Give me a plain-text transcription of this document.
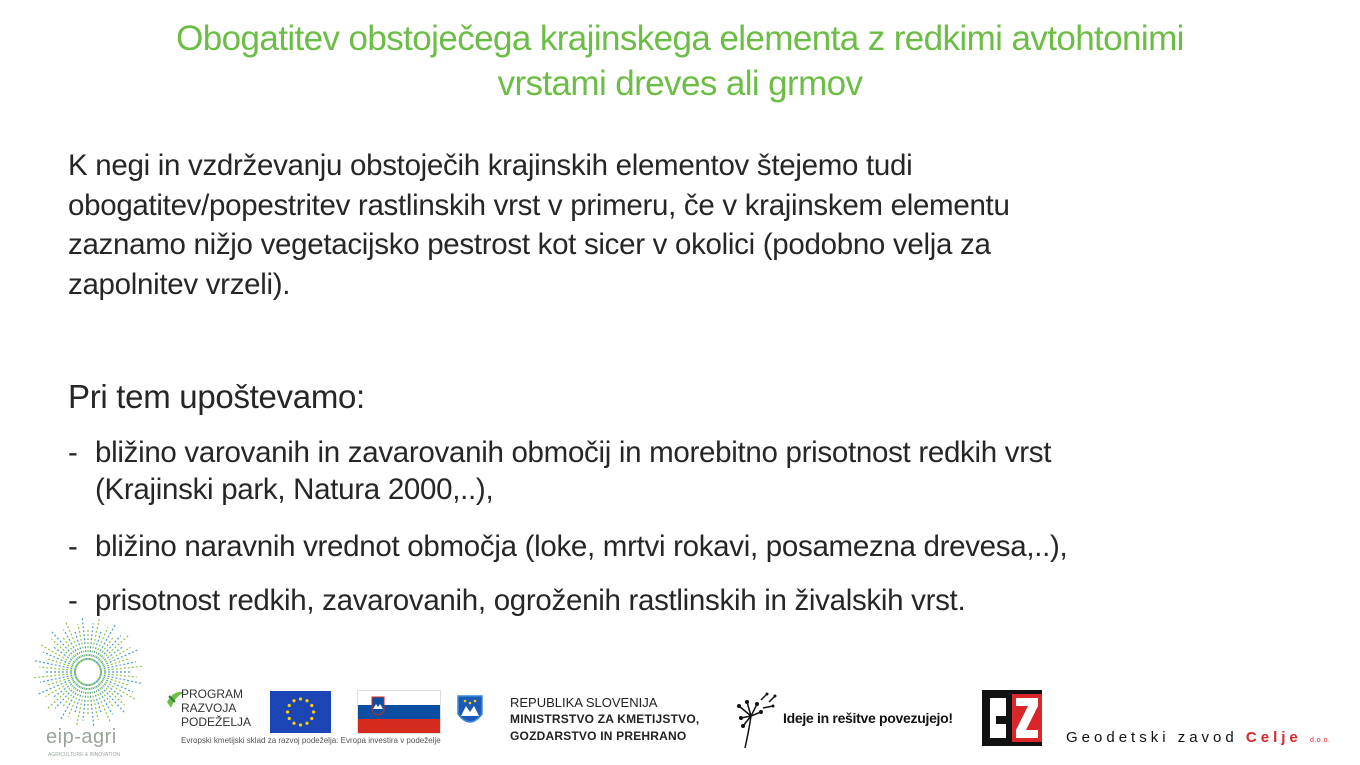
Obogatitev obstoječega krajinskega elementa z redkimi avtohtonimi
vrstami dreves ali grmov
K negi in vzdrževanju obstoječih krajinskih elementov štejemo tudi
obogatitev/popestritev rastlinskih vrst v primeru, če v krajinskem elementu
zaznamo nižjo vegetacijsko pestrost kot sicer v okolici (podobno velja za
zapolnitev vrzeli).
Pri tem upoštevamo:
- bližino varovanih in zavarovanih območij in morebitno prisotnost redkih vrst
(Krajinski park, Natura 2000,..),
- bližino naravnih vrednot območja (loke, mrtvi rokavi, posamezna drevesa,..),
- prisotnost redkih, zavarovanih, ogroženih rastlinskih in živalskih vrst.
eip-agri
AGRICULTURE & INNOVATION
PROGRAM
RAZVOJA
PODEŽELJA
Evropski kmetijski sklad za razvoj podeželja: Evropa investira v podeželje
REPUBLIKA SLOVENIJA
MINISTRSTVO ZA KMETIJSTVO,
GOZDARSTVO IN PREHRANO
Ideje in rešitve povezujejo!
Geodetski zavod Celje d.o.o.
